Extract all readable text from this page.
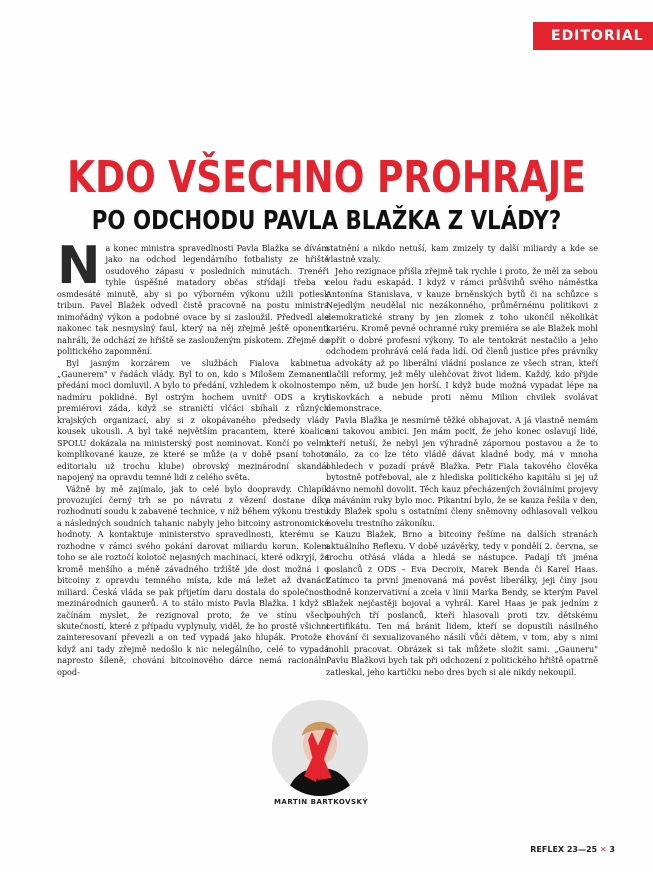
EDITORIAL
KDO VŠECHNO PROHRAJE
PO ODCHODU PAVLA BLAŽKA Z VLÁDY?
N a konec ministra spravedlnosti Pavla Blažka se dívám jako na odchod legendárního fotbalisty ze hřiště osudového zápasu v posledních minutách. Trenéři tyhle úspěšné matadory občas střídají třeba v osmdesáté minutě, aby si po výborném výkonu užili potlesk tribun. Pavel Blažek odvedl čistě pracovně na postu ministra mimořádný výkon a podobné ovace by si zasloužil. Předvedl ale nakonec tak nesmyslný faul, který na něj zřejmě ještě oponenti nahráli, že odchází ze hřiště se zaslouženým pískotem. Zřejmě do politického zapomnění.

Byl jasným korzárem ve službách Fialova kabinetu. „Gaunerem" v řadách vlády. Byl to on, kdo s Milošem Zemanem předání moci domluvil. A bylo to předání, vzhledem k okolnostem, nadmíru poklidné. Byl ostrým hochem uvnitř ODS a kryl premiérovi záda, když se straničtí vlčáci sbíhali z různých krajských organizací, aby si z okopávaného předsedy vlády kousek ukousli. A byl také největším pracantem, které koalice SPOLU dokázala na ministerský post nominovat. Končí po velmi komplikované kauze, ze které se může (a v době psaní tohoto editorialu už trochu klube) obrovský mezinárodní skandál napojený na opravdu temné lidi z celého světa.

Vážně by mě zajímalo, jak to celé bylo doopravdy. Chlapík provozující černý trh se po návratu z vězení dostane díky rozhodnutí soudu k zabavené technice, v níž během výkonu trestu a následných soudních tahanic nabyly jeho bitcoiny astronomické hodnoty. A kontaktuje ministerstvo spravedlnosti, kterému se rozhodne v rámci svého pokání darovat miliardu korun. Kolem toho se ale roztočí kolotoč nejasných machinací, které odkryjí, že kromě menšího a méně závadného tržiště jde dost možná i o bitcoiny z opravdu temného místa, kde má ležet až dvanáct miliard. Česká vláda se pak přijetím daru dostala do společnosti mezinárodních gaunerů. A to stálo místo Pavla Blažka. I když si začínám myslet, že rezignoval proto, že ve stínu všech skutečností, které z případu vyplynuly, viděl, že ho prostě všichni zainteresovaní převezli a on teď vypadá jako hlupák. Protože i když ani tady zřejmě nedošlo k nic nelegálního, celé to vypadá naprosto šíleně, chování bitcoinového dárce nemá racionální opod-

statnění a nikdo netuší, kam zmizely ty další miliardy a kde se vlastně vzaly.

Jeho rezignace přišla zřejmě tak rychle i proto, že měl za sebou celou řadu eskapád. I když v rámci průšvihů svého náměstka Antonína Stanislava, v kauze brněnských bytů či na schůzce s Nejedlým neudělal nic nezákonného, průměrnému politikovi z demokratické strany by jen zlomek z toho ukončil několikát kariéru. Kromě pevné ochranné ruky premiéra se ale Blažek mohl opřít o dobré profesní výkony. To ale tentokrát nestačilo a jeho odchodem prohrává celá řada lidí. Od členů justice přes právníky a advokáty až po liberální vládní poslance ze všech stran, kteří tlačili reformy, jež měly ulehčovat život lidem. Každý, kdo přijde po něm, už bude jen horší. I když bude možná vypadat lépe na tiskovkách a nebude proti němu Milion chvilek svolávat demonstrace.

Pavla Blažka je nesmírně těžké obhajovat. A já vlastně nemám ani takovou ambici. Jen mám pocit, že jeho konec oslavují lidé, kteří netuší, že nebyl jen výhradně zápornou postavou a že to málo, za co lze této vládě dávat kladné body, má v mnoha ohledech v pozadí právě Blažka. Petr Fiala takového člověka bytostně potřeboval, ale z hlediska politického kapitálu si jej už dávno nemohl dovolit. Těch kauz přecházených žoviálními projevy a máváním ruky bylo moc. Pikantní bylo, že se kauza řešila v den, kdy Blažek spolu s ostatními členy sněmovny odhlasovali velkou novelu trestního zákoníku.

Kauzu Blažek, Brno a bitcoiny řešíme na dalších stranách aktuálního Reflexu. V době uzávěrky, tedy v pondělí 2. června, se trochu otřásá vláda a hledá se nástupce. Padají tři jména poslanců z ODS – Eva Decroix, Marek Benda či Karel Haas. Zatímco ta první jmenovaná má pověst liberálky, jeji činy jsou hodně konzervativní a zcela v linii Marka Bendy, se kterým Pavel Blažek nejčastěji bojoval a vyhrál. Karel Haas je pak jedním z pouhých tří poslanců, kteří hlasovali proti tzv. dětskému certifikátu. Ten má bránit lidem, kteří se dopustili násilného chování či sexualizovaného násilí vůči dětem, v tom, aby s nimi mohli pracovat. Obrázek si tak můžete složit sami. „Gauneru" Pavlu Blažkovi bych tak při odchození z politického hřiště opatrně zatleskal, jeho kartičku nebo dres bych si ale nikdy nekoupil.

MARTIN BARTKOVSKÝ
REFLEX 23—25 ✕ 3
